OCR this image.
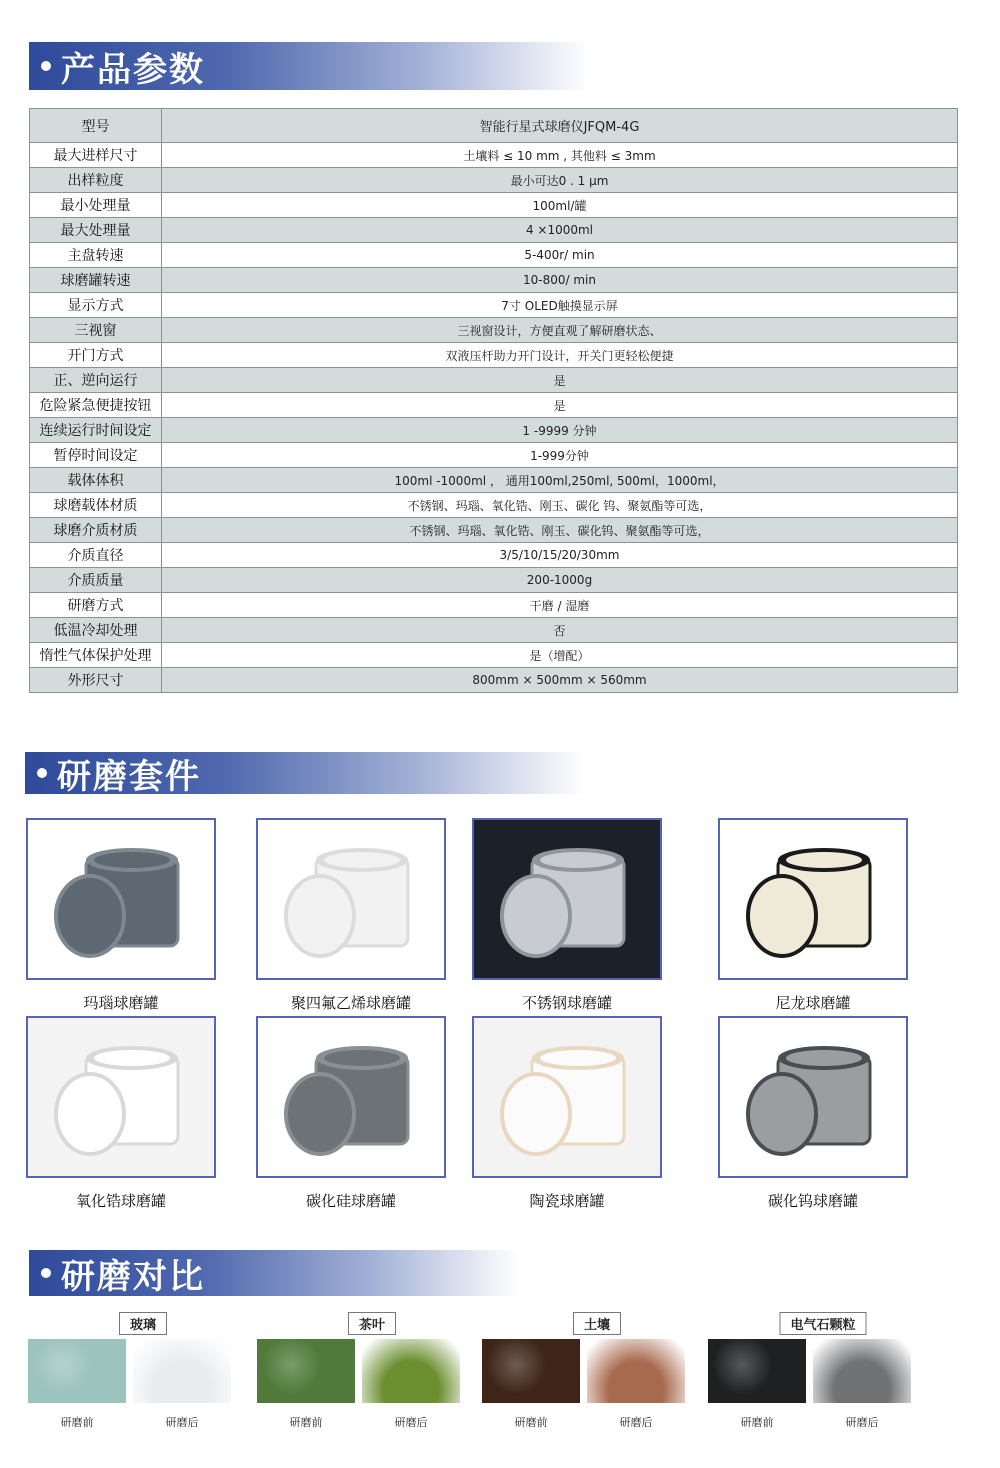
产品参数
型号	智能行星式球磨仪JFQM-4G
最大进样尺寸	土壤料 ≤ 10 mm , 其他料 ≤ 3mm
出样粒度	最小可达0 . 1 μm
最小处理量	100ml/罐
最大处理量	4 ×1000ml
主盘转速	5-400r/ min
球磨罐转速	10-800/ min
显示方式	7寸 OLED触摸显示屏
三视窗	三视窗设计，方便直观了解研磨状态、
开门方式	双液压杆助力开门设计，开关门更轻松便捷
正、逆向运行	是
危险紧急便捷按钮	是
连续运行时间设定	1 -9999 分钟
暂停时间设定	1-999分钟
载体体积	100ml -1000ml ， 通用100ml,250ml, 500ml，1000ml，
球磨载体材质	不锈钢、玛瑙、氧化锆、刚玉、碳化 钨、聚氨酯等可选，
球磨介质材质	不锈钢、玛瑙、氧化锆、刚玉、碳化钨、聚氨酯等可选，
介质直径	3/5/10/15/20/30mm
介质质量	200-1000g
研磨方式	干磨 / 湿磨
低温冷却处理	否
惰性气体保护处理	是（增配）
外形尺寸	800mm × 500mm × 560mm
研磨套件
玛瑙球磨罐	聚四氟乙烯球磨罐	不锈钢球磨罐	尼龙球磨罐
氧化锆球磨罐	碳化硅球磨罐	陶瓷球磨罐	碳化钨球磨罐
研磨对比
玻璃
研磨前	研磨后
茶叶
研磨前	研磨后
土壤
研磨前	研磨后
电气石颗粒
研磨前	研磨后
